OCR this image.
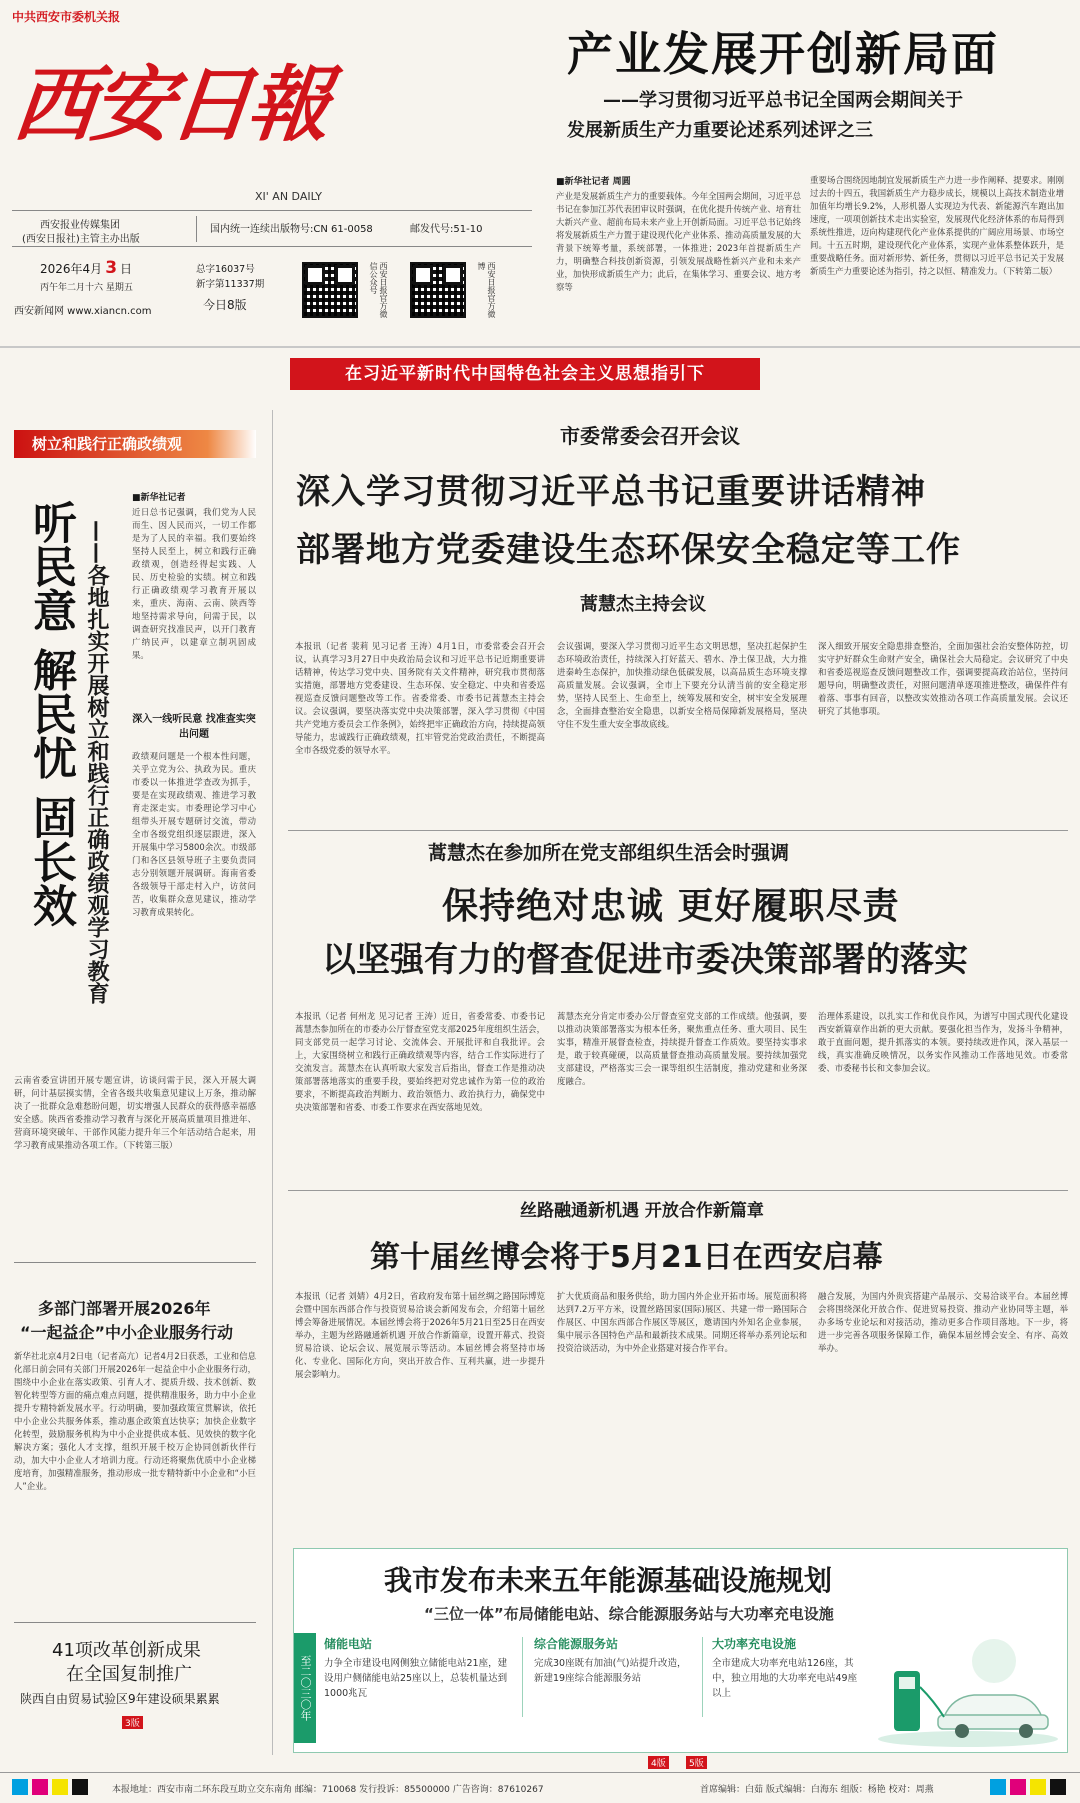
中共西安市委机关报
西安日報
XI' AN DAILY
西安报业传媒集团
(西安日报社)主管主办出版
国内统一连续出版物号:CN 61-0058	邮发代号:51-10
2026年4月 3 日
丙午年二月十六 星期五
总字16037号
新字第11337期
今日8版
西安新闻网 www.xiancn.com	西安日报官方微信公众号	西安日报官方微博
产业发展开创新局面
——学习贯彻习近平总书记全国两会期间关于
发展新质生产力重要论述系列述评之三
■新华社记者 周圆
产业是发展新质生产力的重要载体。今年全国两会期间，习近平总书记在参加江苏代表团审议时强调，在优化提升传统产业、培育壮大新兴产业、超前布局未来产业上开创新局面。习近平总书记始终将发展新质生产力置于建设现代化产业体系、推动高质量发展的大背景下统筹考量，系统部署，一体推进；2023年首提新质生产力，明确整合科技创新资源，引领发展战略性新兴产业和未来产业，加快形成新质生产力；此后，在集体学习、重要会议、地方考察等
重要场合围绕因地制宜发展新质生产力进一步作阐释、提要求。刚刚过去的十四五，我国新质生产力稳步成长，规模以上高技术制造业增加值年均增长9.2%，人形机器人实现边为代表、新能源汽车跑出加速度，一项项创新技术走出实验室，发展现代化经济体系的布局得到系统性推进，迈向构建现代化产业体系提供的广阔应用场景、市场空间。十五五时期，建设现代化产业体系，实现产业体系整体跃升，是重要战略任务。面对新形势、新任务，贯彻以习近平总书记关于发展新质生产力重要论述为指引，持之以恒、精准发力。（下转第二版）
在习近平新时代中国特色社会主义思想指引下
树立和践行正确政绩观
听民意 解民忧 固长效 ——各地扎实开展树立和践行正确政绩观学习教育
■新华社记者
近日总书记强调，我们党为人民而生、因人民而兴，一切工作都是为了人民的幸福。我们要始终坚持人民至上，树立和践行正确政绩观，创造经得起实践、人民、历史检验的实绩。树立和践行正确政绩观学习教育开展以来，重庆、海南、云南、陕西等地坚持需求导向，问需于民，以调查研究找准民声，以开门教育广纳民声，以建章立制巩固成果。
深入一线听民意 找准查实突出问题
政绩观问题是一个根本性问题，关乎立党为公、执政为民。重庆市委以一体推进学查改为抓手，要是在实现政绩观、推进学习教育走深走实。市委理论学习中心组带头开展专题研讨交流，带动全市各级党组织逐层跟进，深入开展集中学习5800余次。市级部门和各区县领导班子主要负责同志分别领题开展调研。海南省委各级领导干部走村入户，访贫问苦，收集群众意见建议，推动学习教育成果转化。
云南省委宣讲团开展专题宣讲，访谈问需于民，深入开展大调研，问计基层摸实情，全省各级共收集意见建议上万条，推动解决了一批群众急难愁盼问题，切实增强人民群众的获得感幸福感安全感。陕西省委推动学习教育与深化开展高质量项目推进年、营商环境突破年、干部作风能力提升年三个年活动结合起来，用学习教育成果推动各项工作。（下转第三版）
多部门部署开展2026年
“一起益企”中小企业服务行动
新华社北京4月2日电（记者高亢）记者4月2日获悉，工业和信息化部日前会同有关部门开展2026年一起益企中小企业服务行动，围绕中小企业在落实政策、引育人才、提质升级、技术创新、数智化转型等方面的痛点难点问题，提供精准服务，助力中小企业提升专精特新发展水平。行动明确，要加强政策宣贯解读，依托中小企业公共服务体系，推动惠企政策直达快享；加快企业数字化转型，鼓励服务机构为中小企业提供成本低、见效快的数字化解决方案；强化人才支撑，组织开展千校万企协同创新伙伴行动，加大中小企业人才培训力度。行动还将聚焦优质中小企业梯度培育，加强精准服务，推动形成一批专精特新中小企业和“小巨人”企业。
41项改革创新成果
在全国复制推广
陕西自由贸易试验区9年建设硕果累累
3版
市委常委会召开会议
深入学习贯彻习近平总书记重要讲话精神
部署地方党委建设生态环保安全稳定等工作
蒿慧杰主持会议
本报讯（记者 裴莉 见习记者 王涛）4月1日，市委常委会召开会议，认真学习3月27日中央政治局会议和习近平总书记近期重要讲话精神，传达学习党中央、国务院有关文件精神，研究我市贯彻落实措施，部署地方党委建设、生态环保、安全稳定、中央和省委巡视巡查反馈问题整改等工作。省委常委、市委书记蒿慧杰主持会议。会议强调，要坚决落实党中央决策部署，深入学习贯彻《中国共产党地方委员会工作条例》，始终把牢正确政治方向，持续提高领导能力，忠诚践行正确政绩观，扛牢管党治党政治责任，不断提高全市各级党委的领导水平。
会议强调，要深入学习贯彻习近平生态文明思想，坚决扛起保护生态环境政治责任，持续深入打好蓝天、碧水、净土保卫战，大力推进秦岭生态保护，加快推动绿色低碳发展，以高品质生态环境支撑高质量发展。会议强调，全市上下要充分认清当前的安全稳定形势，坚持人民至上、生命至上，统筹发展和安全，树牢安全发展理念，全面排查整治安全隐患，以新安全格局保障新发展格局，坚决守住不发生重大安全事故底线。
深入细致开展安全隐患排查整治，全面加强社会治安整体防控，切实守护好群众生命财产安全，确保社会大局稳定。会议研究了中央和省委巡视巡查反馈问题整改工作，强调要提高政治站位，坚持问题导向，明确整改责任，对照问题清单逐项推进整改，确保件件有着落、事事有回音，以整改实效推动各项工作高质量发展。会议还研究了其他事项。
蒿慧杰在参加所在党支部组织生活会时强调
保持绝对忠诚 更好履职尽责
以坚强有力的督查促进市委决策部署的落实
本报讯（记者 何州龙 见习记者 王涛）近日，省委常委、市委书记蒿慧杰参加所在的市委办公厅督查室党支部2025年度组织生活会，同支部党员一起学习讨论、交流体会、开展批评和自我批评。会上，大家围绕树立和践行正确政绩观等内容，结合工作实际进行了交流发言。蒿慧杰在认真听取大家发言后指出，督查工作是推动决策部署落地落实的重要手段，要始终把对党忠诚作为第一位的政治要求，不断提高政治判断力、政治领悟力、政治执行力，确保党中央决策部署和省委、市委工作要求在西安落地见效。
蒿慧杰充分肯定市委办公厅督查室党支部的工作成绩。他强调，要以推动决策部署落实为根本任务，聚焦重点任务、重大项目、民生实事，精准开展督查检查，持续提升督查工作质效。要坚持实事求是，敢于较真碰硬，以高质量督查推动高质量发展。要持续加强党支部建设，严格落实三会一课等组织生活制度，推动党建和业务深度融合。
治理体系建设，以扎实工作和优良作风，为谱写中国式现代化建设西安新篇章作出新的更大贡献。要强化担当作为，发扬斗争精神，敢于直面问题，提升抓落实的本领。要持续改进作风，深入基层一线，真实准确反映情况，以务实作风推动工作落地见效。市委常委、市委秘书长和文参加会议。
丝路融通新机遇 开放合作新篇章
第十届丝博会将于5月21日在西安启幕
本报讯（记者 刘婧）4月2日，省政府发布第十届丝绸之路国际博览会暨中国东西部合作与投资贸易洽谈会新闻发布会，介绍第十届丝博会筹备进展情况。本届丝博会将于2026年5月21日至25日在西安举办，主题为丝路融通新机遇 开放合作新篇章，设置开幕式、投资贸易洽谈、论坛会议、展览展示等活动。本届丝博会将坚持市场化、专业化、国际化方向，突出开放合作、互利共赢，进一步提升展会影响力。
扩大优质商品和服务供给，助力国内外企业开拓市场。展览面积将达到7.2万平方米，设置丝路国家(国际)展区、共建一带一路国际合作展区、中国东西部合作展区等展区，邀请国内外知名企业参展，集中展示各国特色产品和最新技术成果。同期还将举办系列论坛和投资洽谈活动，为中外企业搭建对接合作平台。
融合发展，为国内外贵宾搭建产品展示、交易洽谈平台。本届丝博会将围绕深化开放合作、促进贸易投资、推动产业协同等主题，举办多场专业论坛和对接活动，推动更多合作项目落地。下一步，将进一步完善各项服务保障工作，确保本届丝博会安全、有序、高效举办。
我市发布未来五年能源基础设施规划
“三位一体”布局储能电站、综合能源服务站与大功率充电设施
至二〇三〇年
储能电站
力争全市建设电网侧独立储能电站21座，建设用户侧储能电站25座以上，总装机量达到1000兆瓦
综合能源服务站
完成30座既有加油(气)站提升改造，新建19座综合能源服务站
大功率充电设施
全市建成大功率充电站126座，其中，独立用地的大功率充电站49座以上
4版	5版
本报地址：西安市南二环东段互助立交东南角 邮编：710068 发行投诉：85500000 广告咨询：87610267	首席编辑：白茹 版式编辑：白海东 组版：杨艳 校对：周燕
